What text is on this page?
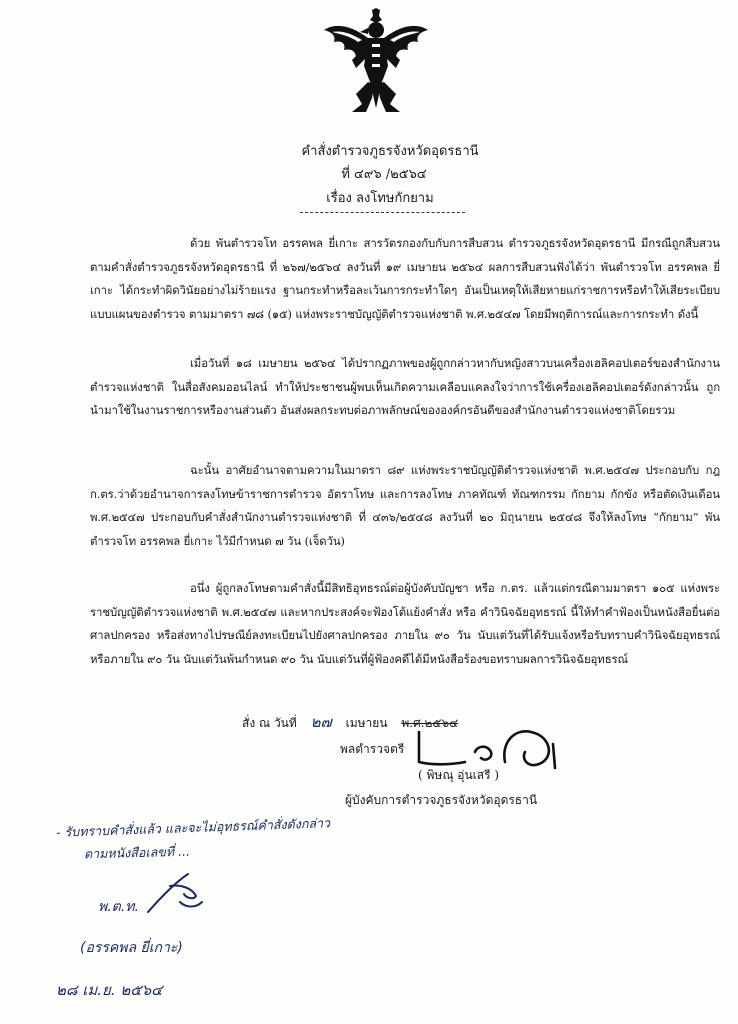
คำสั่งตำรวจภูธรจังหวัดอุดรธานี
ที่ ๔๙๖ /๒๕๖๔
เรื่อง ลงโทษกักยาม

ด้วย พันตำรวจโท อรรคพล ยี่เกาะ สารวัตรกองกับกับการสืบสวน ตำรวจภูธรจังหวัดอุดรธานี มีกรณีถูกสืบสวนตามคำสั่งตำรวจภูธรจังหวัดอุดรธานี ที่ ๒๖๗/๒๕๖๔ ลงวันที่ ๑๙ เมษายน ๒๕๖๔ ผลการสืบสวนฟังได้ว่า พันตำรวจโท อรรคพล ยี่เกาะ ได้กระทำผิดวินัยอย่างไม่ร้ายแรง ฐานกระทำหรือละเว้นการกระทำใดๆ อันเป็นเหตุให้เสียหายแก่ราชการหรือทำให้เสียระเบียบแบบแผนของตำรวจ ตามมาตรา ๗๘ (๑๕) แห่งพระราชบัญญัติตำรวจแห่งชาติ พ.ศ.๒๕๔๗ โดยมีพฤติการณ์และการกระทำ ดังนี้

เมื่อวันที่ ๑๘ เมษายน ๒๕๖๔ ได้ปรากฏภาพของผู้ถูกกล่าวหากับหญิงสาวบนเครื่องเฮลิคอปเตอร์ของสำนักงานตำรวจแห่งชาติ ในสื่อสังคมออนไลน์ ทำให้ประชาชนผู้พบเห็นเกิดความเคลือบแคลงใจว่าการใช้เครื่องเฮลิคอปเตอร์ดังกล่าวนั้น ถูกนำมาใช้ในงานราชการหรืองานส่วนตัว อันส่งผลกระทบต่อภาพลักษณ์ขององค์กรอันดีของสำนักงานตำรวจแห่งชาติโดยรวม

ฉะนั้น อาศัยอำนาจตามความในมาตรา ๘๙ แห่งพระราชบัญญัติตำรวจแห่งชาติ พ.ศ.๒๕๔๗ ประกอบกับ กฎ ก.ตร.ว่าด้วยอำนาจการลงโทษข้าราชการตำรวจ อัตราโทษ และการลงโทษ ภาคทัณฑ์ ทัณฑกรรม กักยาม กักขัง หรือตัดเงินเดือน พ.ศ.๒๕๔๗ ประกอบกับคำสั่งสำนักงานตำรวจแห่งชาติ ที่ ๔๓๖/๒๕๔๘ ลงวันที่ ๒๐ มิถุนายน ๒๕๔๘ จึงให้ลงโทษ “กักยาม” พันตำรวจโท อรรคพล ยี่เกาะ ไว้มีกำหนด ๗ วัน (เจ็ดวัน)

อนึ่ง ผู้ถูกลงโทษตามคำสั่งนี้มีสิทธิอุทธรณ์ต่อผู้บังคับบัญชา หรือ ก.ตร. แล้วแต่กรณีตามมาตรา ๑๐๕ แห่งพระราชบัญญัติตำรวจแห่งชาติ พ.ศ.๒๕๔๗ และหากประสงค์จะฟ้องโต้แย้งคำสั่ง หรือ คำวินิจฉัยอุทธรณ์ นี้ให้ทำคำฟ้องเป็นหนังสือยื่นต่อศาลปกครอง หรือส่งทางไปรษณีย์ลงทะเบียนไปยังศาลปกครอง ภายใน ๙๐ วัน นับแต่วันที่ได้รับแจ้งหรือรับทราบคำวินิจฉัยอุทธรณ์ หรือภายใน ๙๐ วัน นับแต่วันพ้นกำหนด ๙๐ วัน นับแต่วันที่ผู้ฟ้องคดีได้มีหนังสือร้องขอทราบผลการวินิจฉัยอุทธรณ์

สั่ง ณ วันที่ ๒๗ เมษายน พ.ศ.๒๕๖๔
พลตำรวจตรี
( พิษณุ อุ่นเสรี )
ผู้บังคับการตำรวจภูธรจังหวัดอุดรธานี
- รับทราบคำสั่งแล้ว และจะไม่อุทธรณ์คำสั่งดังกล่าว
ตามหนังสือเลขที่ ...
พ.ต.ท.
(อรรคพล ยี่เกาะ)
๒๘ เม.ย. ๒๕๖๔
